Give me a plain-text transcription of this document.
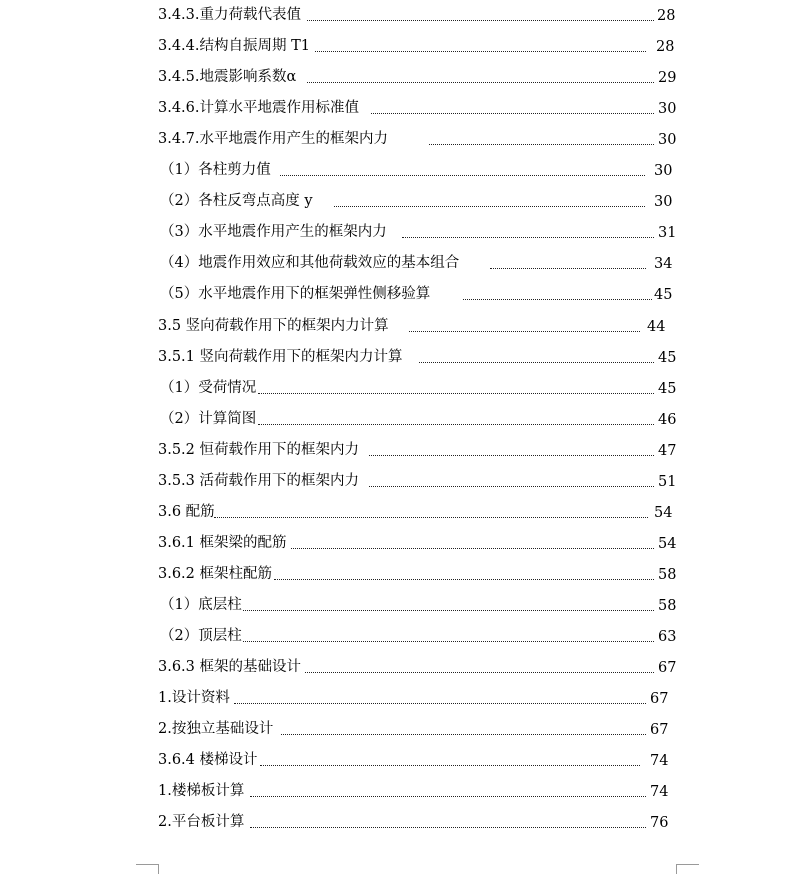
3.4.3.重力荷载代表值	28
3.4.4.结构自振周期 T1	28
3.4.5.地震影响系数α	29
3.4.6.计算水平地震作用标准值	30
3.4.7.水平地震作用产生的框架内力	30
（1）各柱剪力值	30
（2）各柱反弯点高度 y	30
（3）水平地震作用产生的框架内力	31
（4）地震作用效应和其他荷载效应的基本组合	34
（5）水平地震作用下的框架弹性侧移验算	45
3.5 竖向荷载作用下的框架内力计算	44
3.5.1 竖向荷载作用下的框架内力计算	45
（1）受荷情况	45
（2）计算简图	46
3.5.2 恒荷载作用下的框架内力	47
3.5.3 活荷载作用下的框架内力	51
3.6 配筋	54
3.6.1 框架梁的配筋	54
3.6.2 框架柱配筋	58
（1）底层柱	58
（2）顶层柱	63
3.6.3 框架的基础设计	67
1.设计资料	67
2.按独立基础设计	67
3.6.4 楼梯设计	74
1.楼梯板计算	74
2.平台板计算	76
